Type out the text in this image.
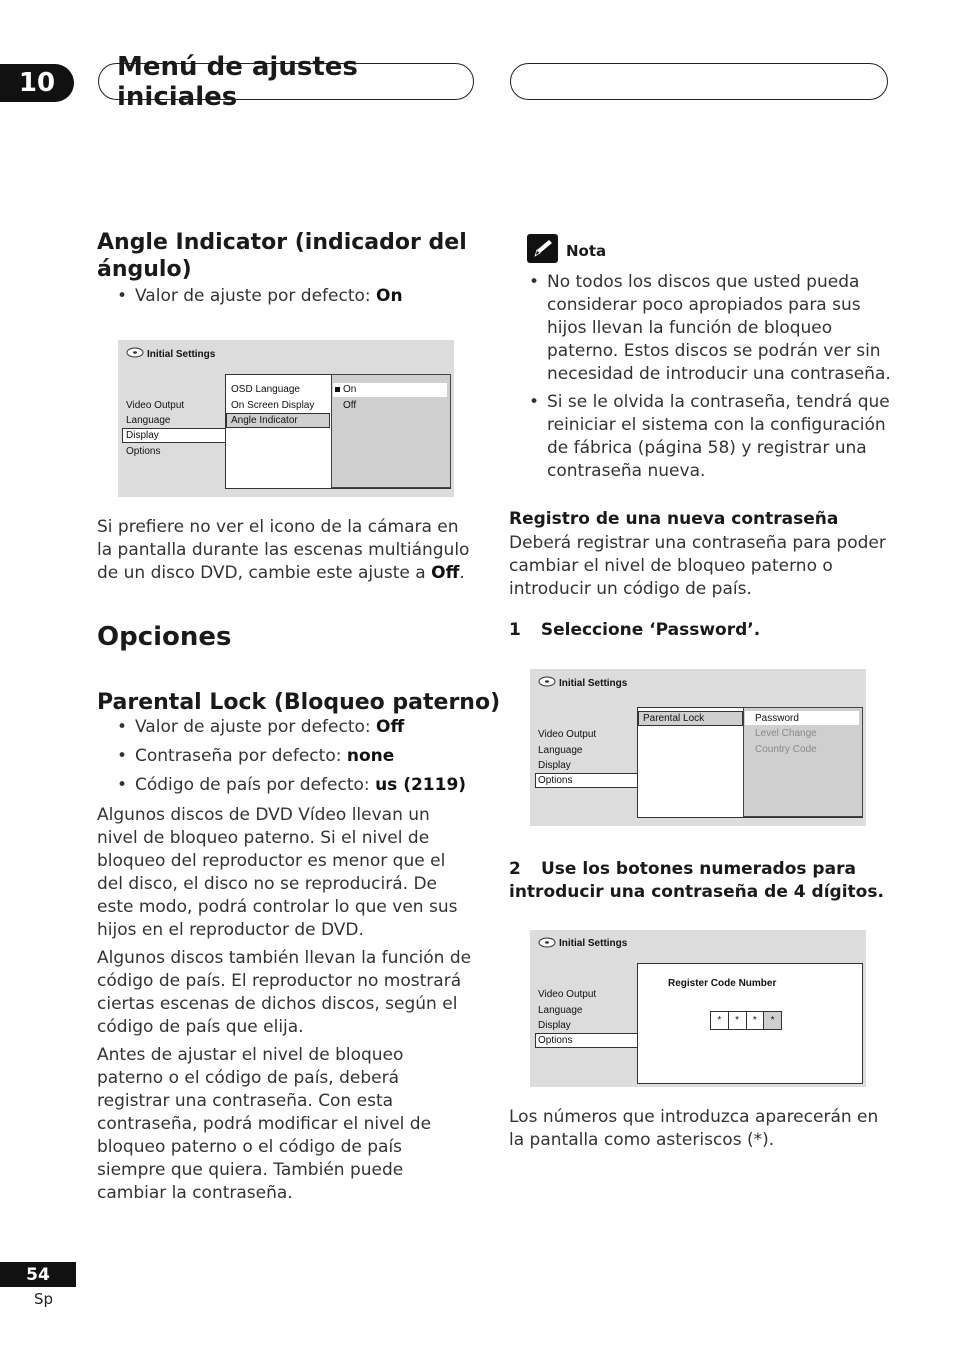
10
Menú de ajustes iniciales
Angle Indicator (indicador del ángulo)
• Valor de ajuste por defecto: On
Initial Settings
Video Output
Language
Display
Options
OSD Language
On Screen Display
Angle Indicator
On
Off

Si prefiere no ver el icono de la cámara en la pantalla durante las escenas multiángulo de un disco DVD, cambie este ajuste a Off.

Opciones
Parental Lock (Bloqueo paterno)
• Valor de ajuste por defecto: Off
• Contraseña por defecto: none
• Código de país por defecto: us (2119)

Algunos discos de DVD Vídeo llevan un nivel de bloqueo paterno. Si el nivel de bloqueo del reproductor es menor que el del disco, el disco no se reproducirá. De este modo, podrá controlar lo que ven sus hijos en el reproductor de DVD.

Algunos discos también llevan la función de código de país. El reproductor no mostrará ciertas escenas de dichos discos, según el código de país que elija.

Antes de ajustar el nivel de bloqueo paterno o el código de país, deberá registrar una contraseña. Con esta contraseña, podrá modificar el nivel de bloqueo paterno o el código de país siempre que quiera. También puede cambiar la contraseña.

Nota
• No todos los discos que usted pueda considerar poco apropiados para sus hijos llevan la función de bloqueo paterno. Estos discos se podrán ver sin necesidad de introducir una contraseña.
• Si se le olvida la contraseña, tendrá que reiniciar el sistema con la configuración de fábrica (página 58) y registrar una contraseña nueva.
Registro de una nueva contraseña

Deberá registrar una contraseña para poder cambiar el nivel de bloqueo paterno o introducir un código de país.

1 Seleccione ‘Password’.
Initial Settings
Video Output
Language
Display
Options
Parental Lock	Password
Level Change
Country Code
2	Use los botones numerados para introducir una contraseña de 4 dígitos.
Initial Settings
Video Output
Language
Display
Options
Register Code Number
*	*	*	*

Los números que introduzca aparecerán en la pantalla como asteriscos (*).

54
Sp
